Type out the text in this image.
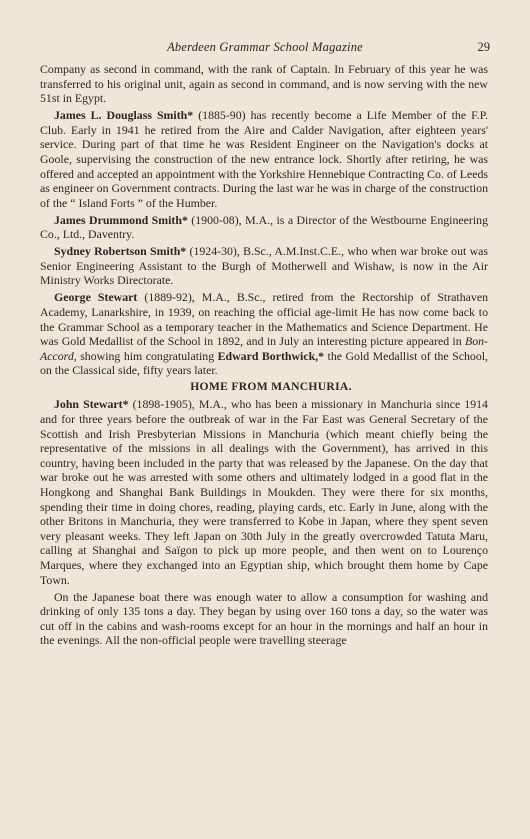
Aberdeen Grammar School Magazine	29

Company as second in command, with the rank of Captain. In February of this year he was transferred to his original unit, again as second in command, and is now serving with the new 51st in Egypt.

James L. Douglass Smith* (1885-90) has recently become a Life Member of the F.P. Club. Early in 1941 he retired from the Aire and Calder Navigation, after eighteen years' service. During part of that time he was Resident Engineer on the Navigation's docks at Goole, supervising the construction of the new entrance lock. Shortly after retiring, he was offered and accepted an appointment with the Yorkshire Hennebique Contracting Co. of Leeds as engineer on Government contracts. During the last war he was in charge of the construction of the “ Island Forts ” of the Humber.

James Drummond Smith* (1900-08), M.A., is a Director of the Westbourne Engineering Co., Ltd., Daventry.

Sydney Robertson Smith* (1924-30), B.Sc., A.M.Inst.C.E., who when war broke out was Senior Engineering Assistant to the Burgh of Motherwell and Wishaw, is now in the Air Ministry Works Directorate.

George Stewart (1889-92), M.A., B.Sc., retired from the Rectorship of Strathaven Academy, Lanarkshire, in 1939, on reaching the official age-limit He has now come back to the Grammar School as a temporary teacher in the Mathematics and Science Department. He was Gold Medallist of the School in 1892, and in July an interesting picture appeared in Bon-Accord, showing him congratulating Edward Borthwick,* the Gold Medallist of the School, on the Classical side, fifty years later.

HOME FROM MANCHURIA.

John Stewart* (1898-1905), M.A., who has been a missionary in Manchuria since 1914 and for three years before the outbreak of war in the Far East was General Secretary of the Scottish and Irish Presbyterian Missions in Manchuria (which meant chiefly being the representative of the missions in all dealings with the Government), has arrived in this country, having been included in the party that was released by the Japanese. On the day that war broke out he was arrested with some others and ultimately lodged in a good flat in the Hongkong and Shanghai Bank Buildings in Moukden. They were there for six months, spending their time in doing chores, reading, playing cards, etc. Early in June, along with the other Britons in Manchuria, they were transferred to Kobe in Japan, where they spent seven very pleasant weeks. They left Japan on 30th July in the greatly overcrowded Tatuta Maru, calling at Shanghai and Saïgon to pick up more people, and then went on to Lourenço Marques, where they exchanged into an Egyptian ship, which brought them home by Cape Town.

On the Japanese boat there was enough water to allow a consumption for washing and drinking of only 135 tons a day. They began by using over 160 tons a day, so the water was cut off in the cabins and wash-rooms except for an hour in the mornings and half an hour in the evenings. All the non-official people were travelling steerage
